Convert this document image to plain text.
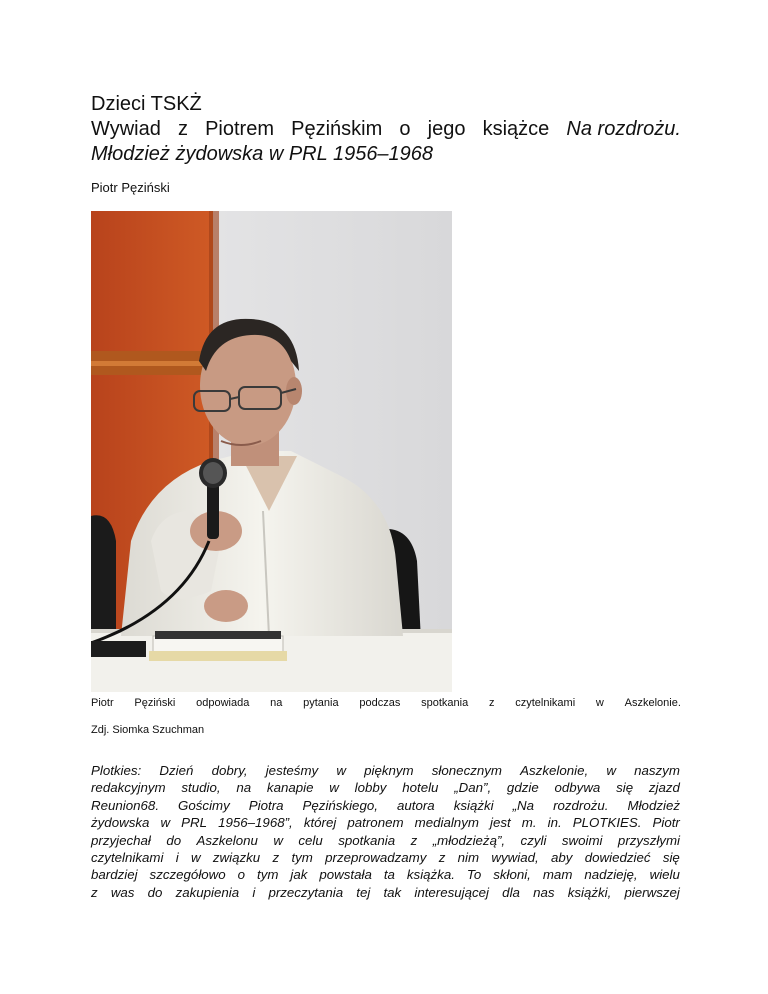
Dzieci TSKŻ
Wywiad z Piotrem Pęzińskim o jego książce Na rozdrożu.
Młodzież żydowska w PRL 1956–1968
Piotr Pęziński
Piotr Pęziński odpowiada na pytania podczas spotkania z czytelnikami w Aszkelonie.
Zdj. Siomka Szuchman
Plotkies: Dzień dobry, jesteśmy w pięknym słonecznym Aszkelonie, w naszym
redakcyjnym studio, na kanapie w lobby hotelu „Dan”, gdzie odbywa się zjazd
Reunion68. Gościmy Piotra Pęzińskiego, autora książki „Na rozdrożu. Młodzież
żydowska w PRL 1956–1968”, której patronem medialnym jest m. in. PLOTKIES. Piotr
przyjechał do Aszkelonu w celu spotkania z „młodzieżą”, czyli swoimi przyszłymi
czytelnikami i w związku z tym przeprowadzamy z nim wywiad, aby dowiedzieć się
bardziej szczegółowo o tym jak powstała ta książka. To skłoni, mam nadzieję, wielu
z was do zakupienia i przeczytania tej tak interesującej dla nas książki, pierwszej
